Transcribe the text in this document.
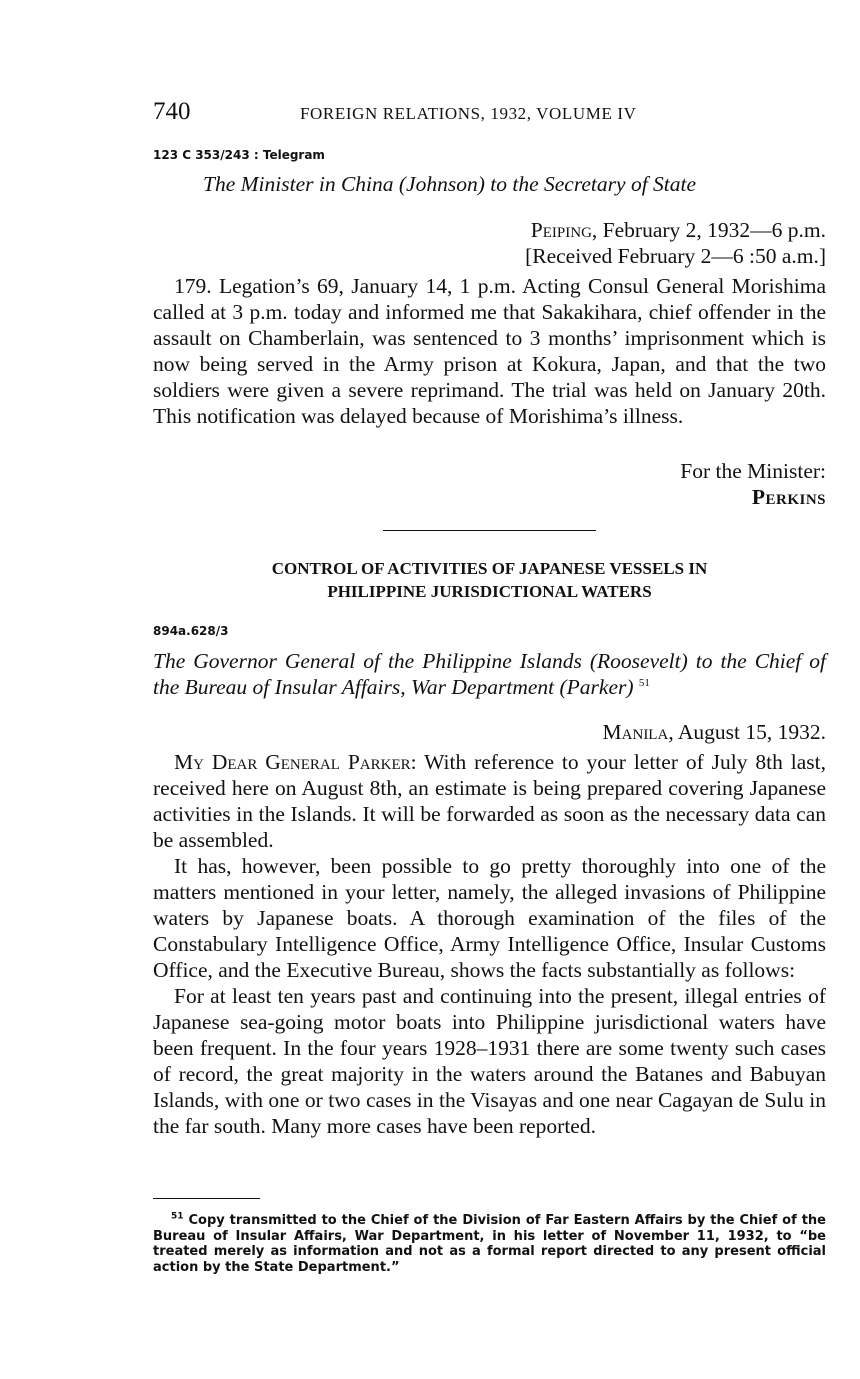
740	FOREIGN RELATIONS, 1932, VOLUME IV
123 C 353/243 : Telegram
The Minister in China (Johnson) to the Secretary of State
Peiping, February 2, 1932—6 p.m.
[Received February 2—6 :50 a.m.]

179. Legation’s 69, January 14, 1 p.m. Acting Consul General Morishima called at 3 p.m. today and informed me that Sakakihara, chief offender in the assault on Chamberlain, was sentenced to 3 months’ imprisonment which is now being served in the Army prison at Kokura, Japan, and that the two soldiers were given a severe reprimand. The trial was held on January 20th. This notification was delayed because of Morishima’s illness.

For the Minister:
Perkins
CONTROL OF ACTIVITIES OF JAPANESE VESSELS IN
PHILIPPINE JURISDICTIONAL WATERS
894a.628/3
The Governor General of the Philippine Islands (Roosevelt) to the Chief of the Bureau of Insular Affairs, War Department (Parker) $^{51}$
Manila, August 15, 1932.

My Dear General Parker: With reference to your letter of July 8th last, received here on August 8th, an estimate is being prepared covering Japanese activities in the Islands. It will be forwarded as soon as the necessary data can be assembled.

It has, however, been possible to go pretty thoroughly into one of the matters mentioned in your letter, namely, the alleged invasions of Philippine waters by Japanese boats. A thorough examination of the files of the Constabulary Intelligence Office, Army Intelligence Office, Insular Customs Office, and the Executive Bureau, shows the facts substantially as follows:

For at least ten years past and continuing into the present, illegal entries of Japanese sea-going motor boats into Philippine jurisdictional waters have been frequent. In the four years 1928–1931 there are some twenty such cases of record, the great majority in the waters around the Batanes and Babuyan Islands, with one or two cases in the Visayas and one near Cagayan de Sulu in the far south. Many more cases have been reported.

$^{51}$ Copy transmitted to the Chief of the Division of Far Eastern Affairs by the Chief of the Bureau of Insular Affairs, War Department, in his letter of November 11, 1932, to “be treated merely as information and not as a formal report directed to any present official action by the State Department.”
